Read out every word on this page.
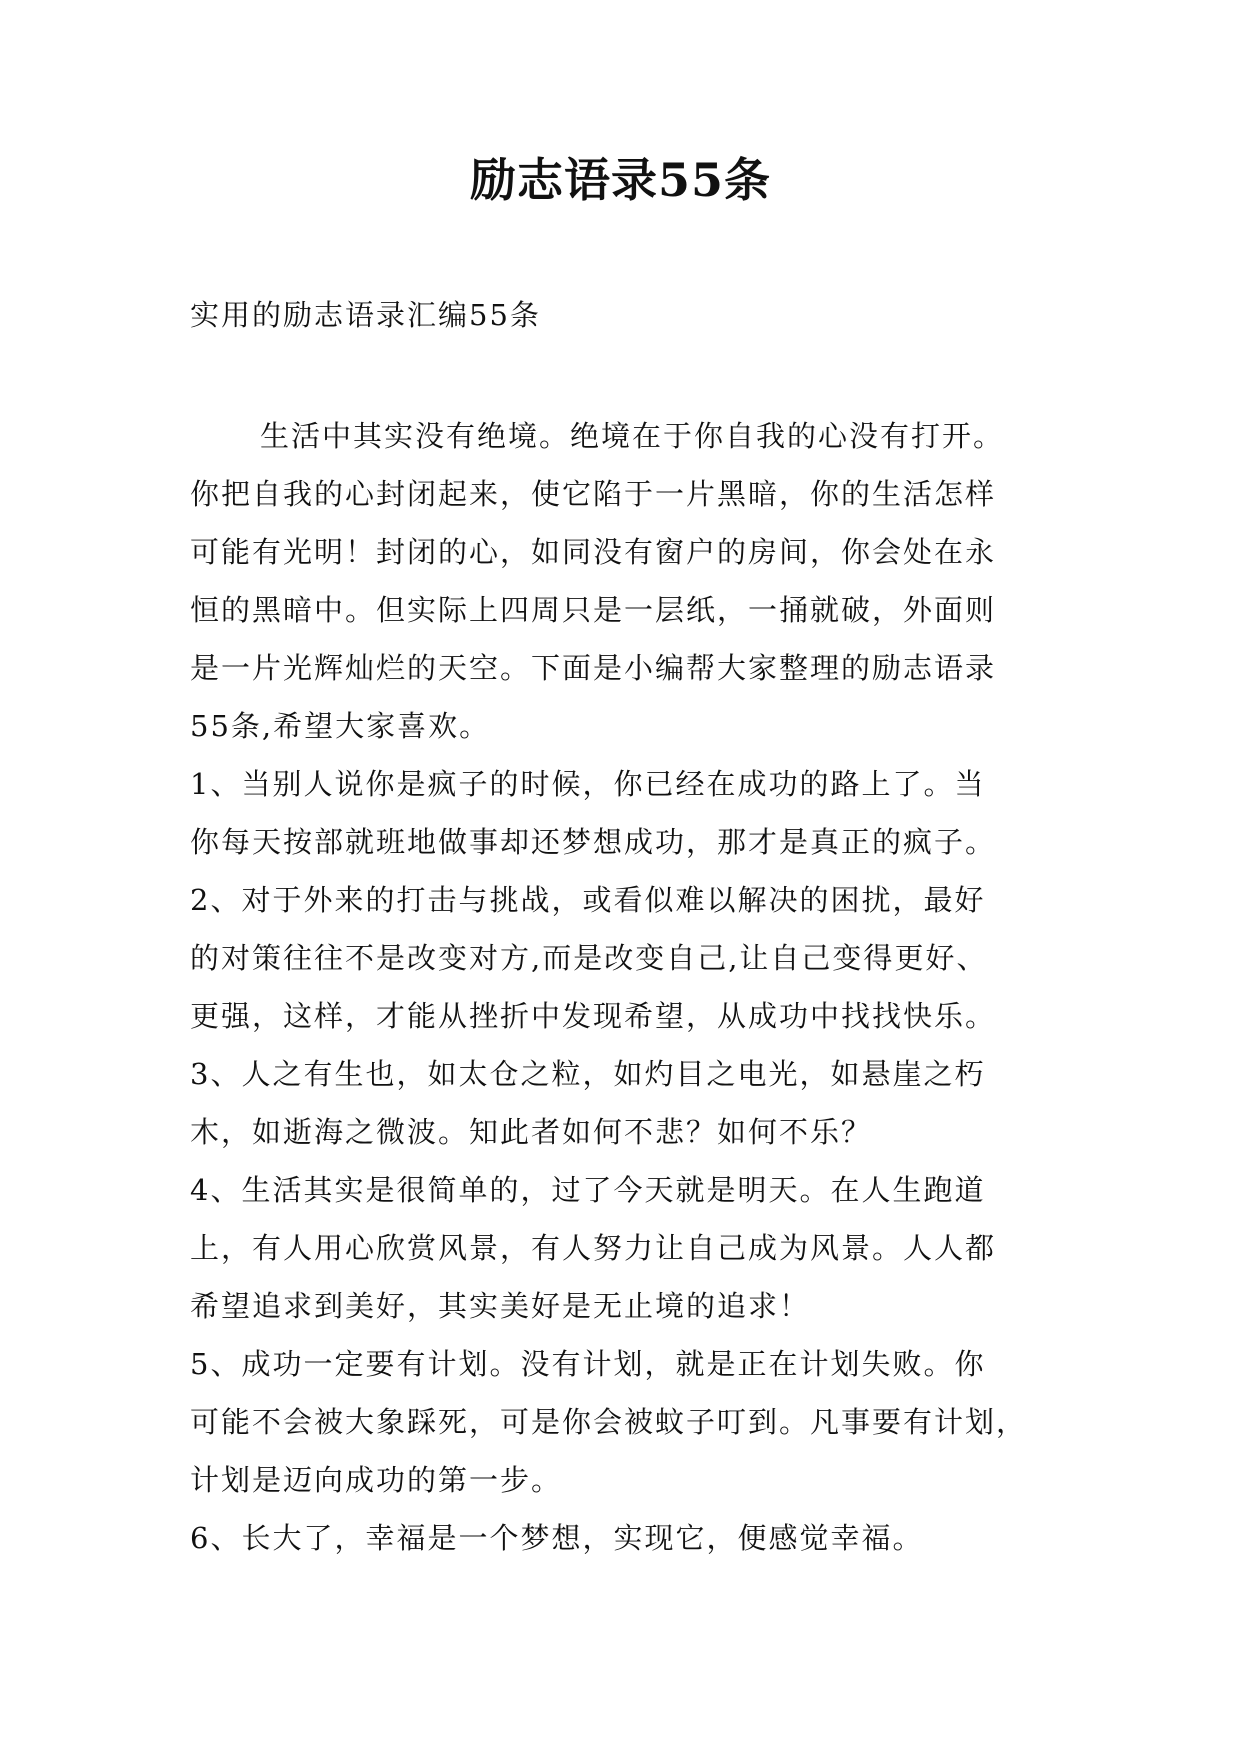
励志语录55条
实用的励志语录汇编55条
生活中其实没有绝境。绝境在于你自我的心没有打开。
你把自我的心封闭起来，使它陷于一片黑暗，你的生活怎样
可能有光明！封闭的心，如同没有窗户的房间，你会处在永
恒的黑暗中。但实际上四周只是一层纸，一捅就破，外面则
是一片光辉灿烂的天空。下面是小编帮大家整理的励志语录
55条,希望大家喜欢。
1、当别人说你是疯子的时候，你已经在成功的路上了。当
你每天按部就班地做事却还梦想成功，那才是真正的疯子。
2、对于外来的打击与挑战，或看似难以解决的困扰，最好
的对策往往不是改变对方,而是改变自己,让自己变得更好、
更强，这样，才能从挫折中发现希望，从成功中找找快乐。
3、人之有生也，如太仓之粒，如灼目之电光，如悬崖之朽
木，如逝海之微波。知此者如何不悲？如何不乐？
4、生活其实是很简单的，过了今天就是明天。在人生跑道
上，有人用心欣赏风景，有人努力让自己成为风景。人人都
希望追求到美好，其实美好是无止境的追求！
5、成功一定要有计划。没有计划，就是正在计划失败。你
可能不会被大象踩死，可是你会被蚊子叮到。凡事要有计划，
计划是迈向成功的第一步。
6、长大了，幸福是一个梦想，实现它，便感觉幸福。
